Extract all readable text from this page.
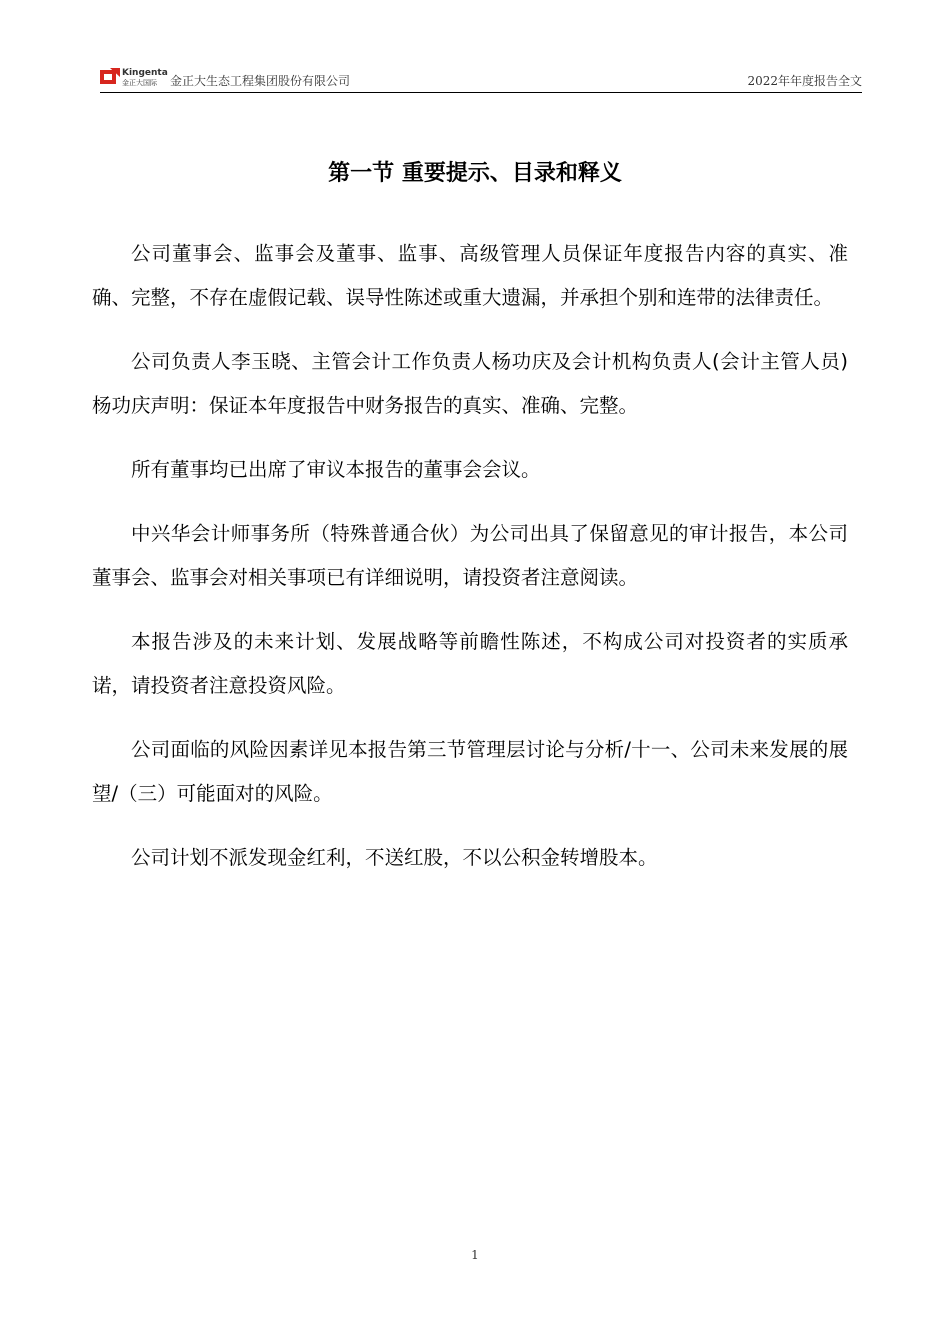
Kingenta
金正大国际 金正大生态工程集团股份有限公司	2022年年度报告全文
第一节 重要提示、目录和释义

公司董事会、监事会及董事、监事、高级管理人员保证年度报告内容的真实、准确、完整，不存在虚假记载、误导性陈述或重大遗漏，并承担个别和连带的法律责任。

公司负责人李玉晓、主管会计工作负责人杨功庆及会计机构负责人(会计主管人员)杨功庆声明：保证本年度报告中财务报告的真实、准确、完整。

所有董事均已出席了审议本报告的董事会会议。

中兴华会计师事务所（特殊普通合伙）为公司出具了保留意见的审计报告，本公司董事会、监事会对相关事项已有详细说明，请投资者注意阅读。

本报告涉及的未来计划、发展战略等前瞻性陈述，不构成公司对投资者的实质承诺，请投资者注意投资风险。

公司面临的风险因素详见本报告第三节管理层讨论与分析/十一、公司未来发展的展望/（三）可能面对的风险。

公司计划不派发现金红利，不送红股，不以公积金转增股本。

1
